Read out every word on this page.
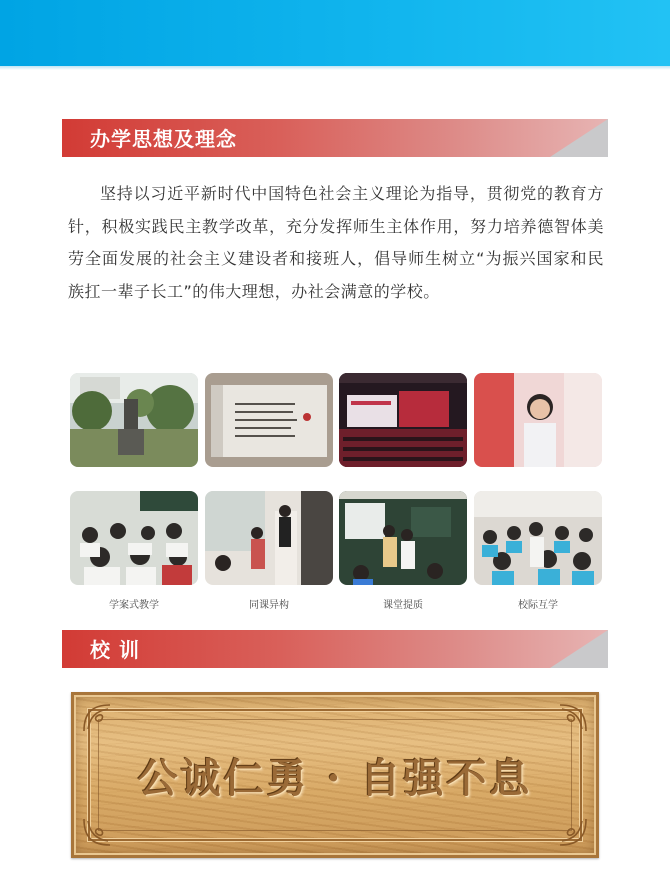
办学思想及理念

坚持以习近平新时代中国特色社会主义理论为指导，贯彻党的教育方针，积极实践民主教学改革，充分发挥师生主体作用，努力培养德智体美劳全面发展的社会主义建设者和接班人，倡导师生树立“为振兴国家和民族扛一辈子长工”的伟大理想，办社会满意的学校。

学案式教学	同课异构	课堂提质	校际互学
校 训
公诚仁勇 · 自强不息
